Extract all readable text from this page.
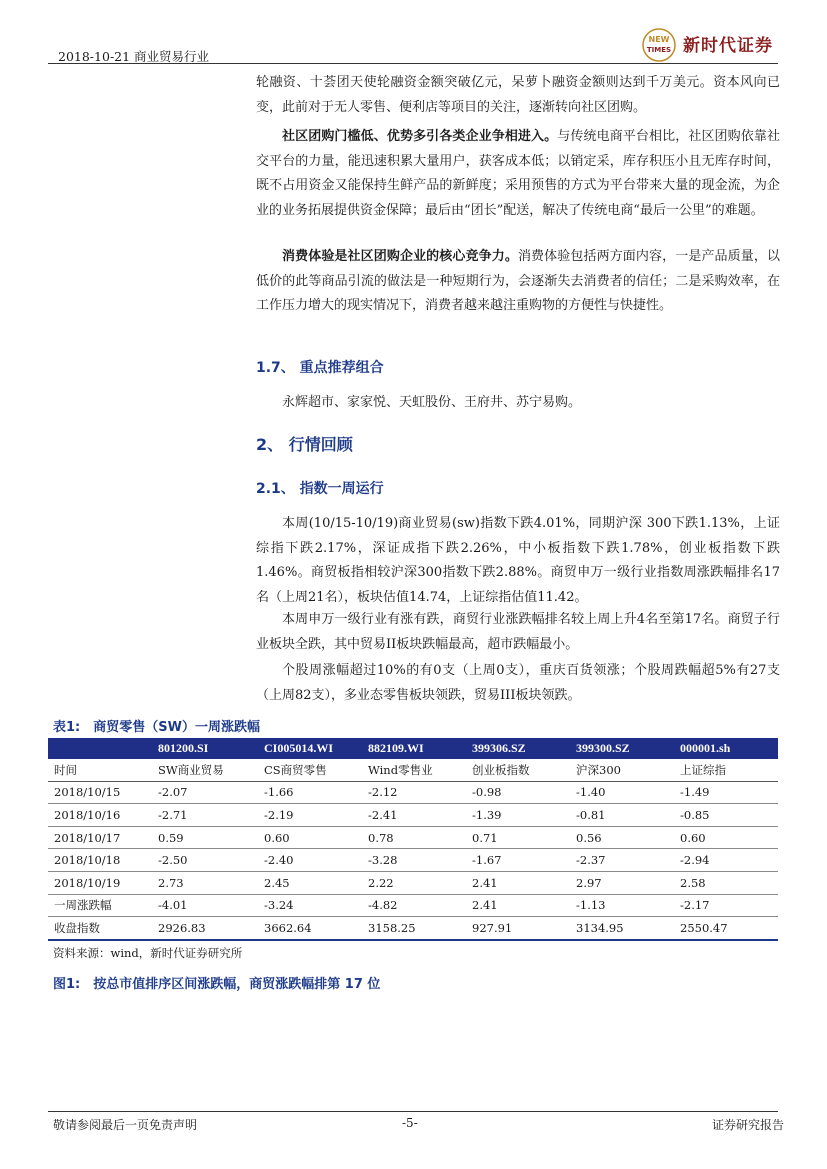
2018-10-21 商业贸易行业
NEW
TIMES 新时代证券
轮融资、十荟团天使轮融资金额突破亿元，呆萝卜融资金额则达到千万美元。资本风向已变，此前对于无人零售、便利店等项目的关注，逐渐转向社区团购。
社区团购门槛低、优势多引各类企业争相进入。与传统电商平台相比，社区团购依靠社交平台的力量，能迅速积累大量用户，获客成本低；以销定采，库存积压小且无库存时间，既不占用资金又能保持生鲜产品的新鲜度；采用预售的方式为平台带来大量的现金流，为企业的业务拓展提供资金保障；最后由“团长”配送，解决了传统电商“最后一公里”的难题。
消费体验是社区团购企业的核心竞争力。消费体验包括两方面内容，一是产品质量，以低价的此等商品引流的做法是一种短期行为，会逐渐失去消费者的信任；二是采购效率，在工作压力增大的现实情况下，消费者越来越注重购物的方便性与快捷性。
1.7、 重点推荐组合
永辉超市、家家悦、天虹股份、王府井、苏宁易购。
2、 行情回顾
2.1、 指数一周运行
本周(10/15-10/19)商业贸易(sw)指数下跌4.01%，同期沪深 300下跌1.13%，上证综指下跌2.17%，深证成指下跌2.26%，中小板指数下跌1.78%，创业板指数下跌1.46%。商贸板指相较沪深300指数下跌2.88%。商贸申万一级行业指数周涨跌幅排名17名（上周21名），板块估值14.74，上证综指估值11.42。
本周申万一级行业有涨有跌，商贸行业涨跌幅排名较上周上升4名至第17名。商贸子行业板块全跌，其中贸易II板块跌幅最高，超市跌幅最小。
个股周涨幅超过10%的有0支（上周0支），重庆百货领涨；个股周跌幅超5%有27支（上周82支），多业态零售板块领跌，贸易III板块领跌。
表1:　商贸零售（SW）一周涨跌幅
	801200.SI	CI005014.WI	882109.WI	399306.SZ	399300.SZ	000001.sh
时间	SW商业贸易	CS商贸零售	Wind零售业	创业板指数	沪深300	上证综指
2018/10/15	-2.07	-1.66	-2.12	-0.98	-1.40	-1.49
2018/10/16	-2.71	-2.19	-2.41	-1.39	-0.81	-0.85
2018/10/17	0.59	0.60	0.78	0.71	0.56	0.60
2018/10/18	-2.50	-2.40	-3.28	-1.67	-2.37	-2.94
2018/10/19	2.73	2.45	2.22	2.41	2.97	2.58
一周涨跌幅	-4.01	-3.24	-4.82	2.41	-1.13	-2.17
收盘指数	2926.83	3662.64	3158.25	927.91	3134.95	2550.47
资料来源：wind，新时代证券研究所
图1:　按总市值排序区间涨跌幅，商贸涨跌幅排第 17 位
敬请参阅最后一页免责声明	-5-	证券研究报告
